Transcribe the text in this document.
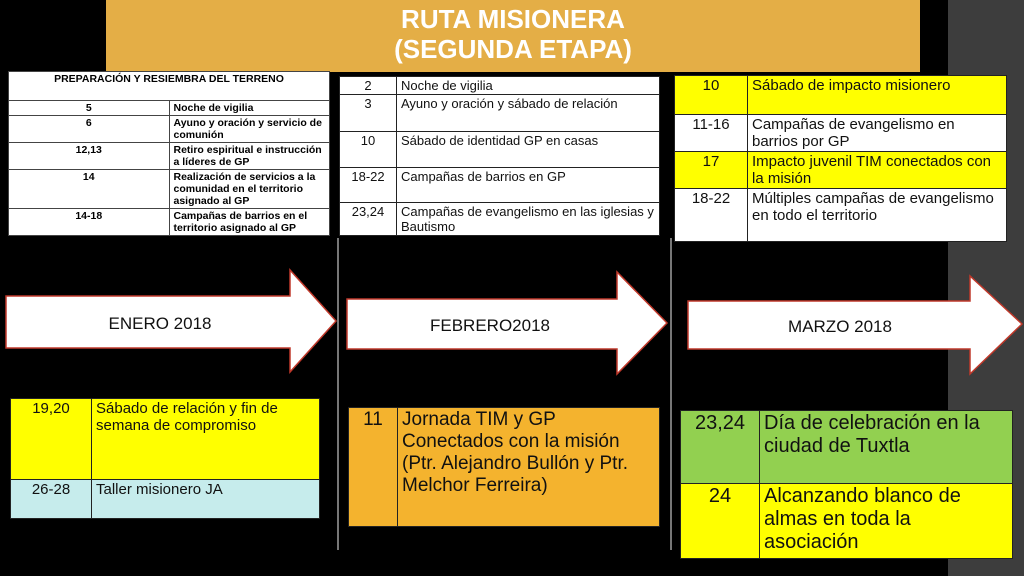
RUTA MISIONERA
(SEGUNDA ETAPA)
PREPARACIÓN Y RESIEMBRA DEL TERRENO	
5	Noche de vigilia
6	Ayuno y oración y servicio de comunión
12,13	Retiro espiritual e instrucción a líderes de GP
14	Realización de servicios a la comunidad en el territorio asignado al GP
14-18	Campañas de barrios en el territorio asignado al GP
2	Noche de vigilia
3	Ayuno y oración y sábado de relación
10	Sábado de identidad GP en casas
18-22	Campañas de barrios en GP
23,24	Campañas de evangelismo en las iglesias y Bautismo
10	Sábado de impacto misionero
11-16	Campañas de evangelismo en barrios por GP
17	Impacto juvenil TIM conectados con la misión
18-22	Múltiples campañas de evangelismo en todo el territorio
ENERO 2018	FEBRERO2018	MARZO 2018
19,20	Sábado de relación y fin de semana de compromiso
26-28	Taller misionero JA
11	Jornada TIM y GP Conectados con la misión (Ptr. Alejandro Bullón y Ptr. Melchor Ferreira)
23,24	Día de celebración en la ciudad de Tuxtla
24	Alcanzando blanco de almas en toda la asociación
